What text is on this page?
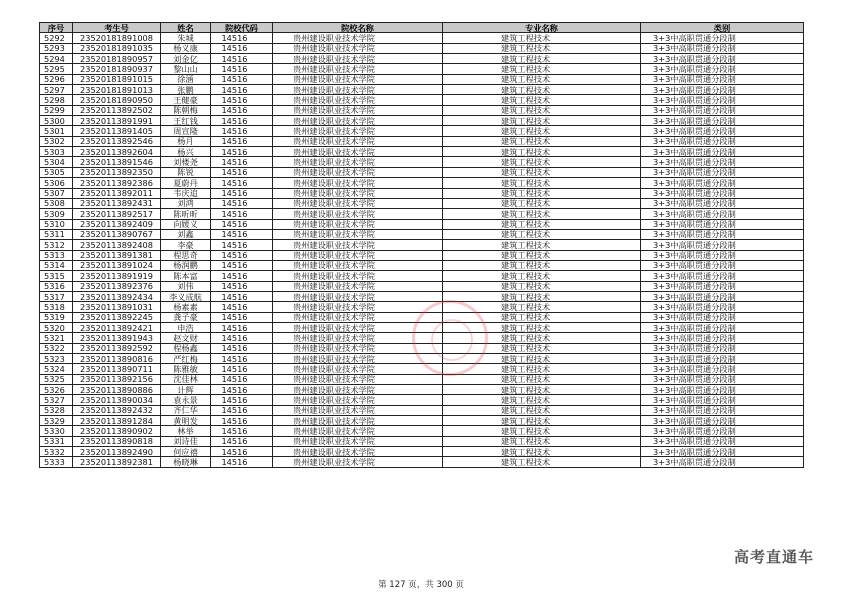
序号	考生号	姓名	院校代码	院校名称	专业名称	类别
5292	23520181891008	朱城	14516	贵州建设职业技术学院	建筑工程技术	3+3中高职贯通分段制
5293	23520181891035	杨义康	14516	贵州建设职业技术学院	建筑工程技术	3+3中高职贯通分段制
5294	23520181890957	刘金亿	14516	贵州建设职业技术学院	建筑工程技术	3+3中高职贯通分段制
5295	23520181890937	黎山山	14516	贵州建设职业技术学院	建筑工程技术	3+3中高职贯通分段制
5296	23520181891015	徐涵	14516	贵州建设职业技术学院	建筑工程技术	3+3中高职贯通分段制
5297	23520181891013	张鹏	14516	贵州建设职业技术学院	建筑工程技术	3+3中高职贯通分段制
5298	23520181890950	王健豪	14516	贵州建设职业技术学院	建筑工程技术	3+3中高职贯通分段制
5299	23520113892502	陈朝梅	14516	贵州建设职业技术学院	建筑工程技术	3+3中高职贯通分段制
5300	23520113891991	王红钱	14516	贵州建设职业技术学院	建筑工程技术	3+3中高职贯通分段制
5301	23520113891405	周宣隆	14516	贵州建设职业技术学院	建筑工程技术	3+3中高职贯通分段制
5302	23520113892546	杨月	14516	贵州建设职业技术学院	建筑工程技术	3+3中高职贯通分段制
5303	23520113892604	杨兴	14516	贵州建设职业技术学院	建筑工程技术	3+3中高职贯通分段制
5304	23520113891546	刘楼尧	14516	贵州建设职业技术学院	建筑工程技术	3+3中高职贯通分段制
5305	23520113892350	陈锐	14516	贵州建设职业技术学院	建筑工程技术	3+3中高职贯通分段制
5306	23520113892386	夏蔚丹	14516	贵州建设职业技术学院	建筑工程技术	3+3中高职贯通分段制
5307	23520113892011	韦庆追	14516	贵州建设职业技术学院	建筑工程技术	3+3中高职贯通分段制
5308	23520113892431	刘鸿	14516	贵州建设职业技术学院	建筑工程技术	3+3中高职贯通分段制
5309	23520113892517	陈昕昕	14516	贵州建设职业技术学院	建筑工程技术	3+3中高职贯通分段制
5310	23520113892409	向媛义	14516	贵州建设职业技术学院	建筑工程技术	3+3中高职贯通分段制
5311	23520113890767	刘鑫	14516	贵州建设职业技术学院	建筑工程技术	3+3中高职贯通分段制
5312	23520113892408	李豪	14516	贵州建设职业技术学院	建筑工程技术	3+3中高职贯通分段制
5313	23520113891381	程思奇	14516	贵州建设职业技术学院	建筑工程技术	3+3中高职贯通分段制
5314	23520113891024	杨润鹏	14516	贵州建设职业技术学院	建筑工程技术	3+3中高职贯通分段制
5315	23520113891919	陈本富	14516	贵州建设职业技术学院	建筑工程技术	3+3中高职贯通分段制
5316	23520113892376	刘伟	14516	贵州建设职业技术学院	建筑工程技术	3+3中高职贯通分段制
5317	23520113892434	李义成航	14516	贵州建设职业技术学院	建筑工程技术	3+3中高职贯通分段制
5318	23520113891031	杨素素	14516	贵州建设职业技术学院	建筑工程技术	3+3中高职贯通分段制
5319	23520113892245	龚子豪	14516	贵州建设职业技术学院	建筑工程技术	3+3中高职贯通分段制
5320	23520113892421	申浩	14516	贵州建设职业技术学院	建筑工程技术	3+3中高职贯通分段制
5321	23520113891943	赵文财	14516	贵州建设职业技术学院	建筑工程技术	3+3中高职贯通分段制
5322	23520113892592	程杨鑫	14516	贵州建设职业技术学院	建筑工程技术	3+3中高职贯通分段制
5323	23520113890816	严红梅	14516	贵州建设职业技术学院	建筑工程技术	3+3中高职贯通分段制
5324	23520113890711	陈雅敏	14516	贵州建设职业技术学院	建筑工程技术	3+3中高职贯通分段制
5325	23520113892156	沈佳林	14516	贵州建设职业技术学院	建筑工程技术	3+3中高职贯通分段制
5326	23520113890886	计辉	14516	贵州建设职业技术学院	建筑工程技术	3+3中高职贯通分段制
5327	23520113890034	袁永景	14516	贵州建设职业技术学院	建筑工程技术	3+3中高职贯通分段制
5328	23520113892432	齐仁华	14516	贵州建设职业技术学院	建筑工程技术	3+3中高职贯通分段制
5329	23520113891284	黄明发	14516	贵州建设职业技术学院	建筑工程技术	3+3中高职贯通分段制
5330	23520113890902	林举	14516	贵州建设职业技术学院	建筑工程技术	3+3中高职贯通分段制
5331	23520113890818	刘诗佳	14516	贵州建设职业技术学院	建筑工程技术	3+3中高职贯通分段制
5332	23520113892490	何应禧	14516	贵州建设职业技术学院	建筑工程技术	3+3中高职贯通分段制
5333	23520113892381	杨晓琳	14516	贵州建设职业技术学院	建筑工程技术	3+3中高职贯通分段制
第 127 页，共 300 页
高考直通车
